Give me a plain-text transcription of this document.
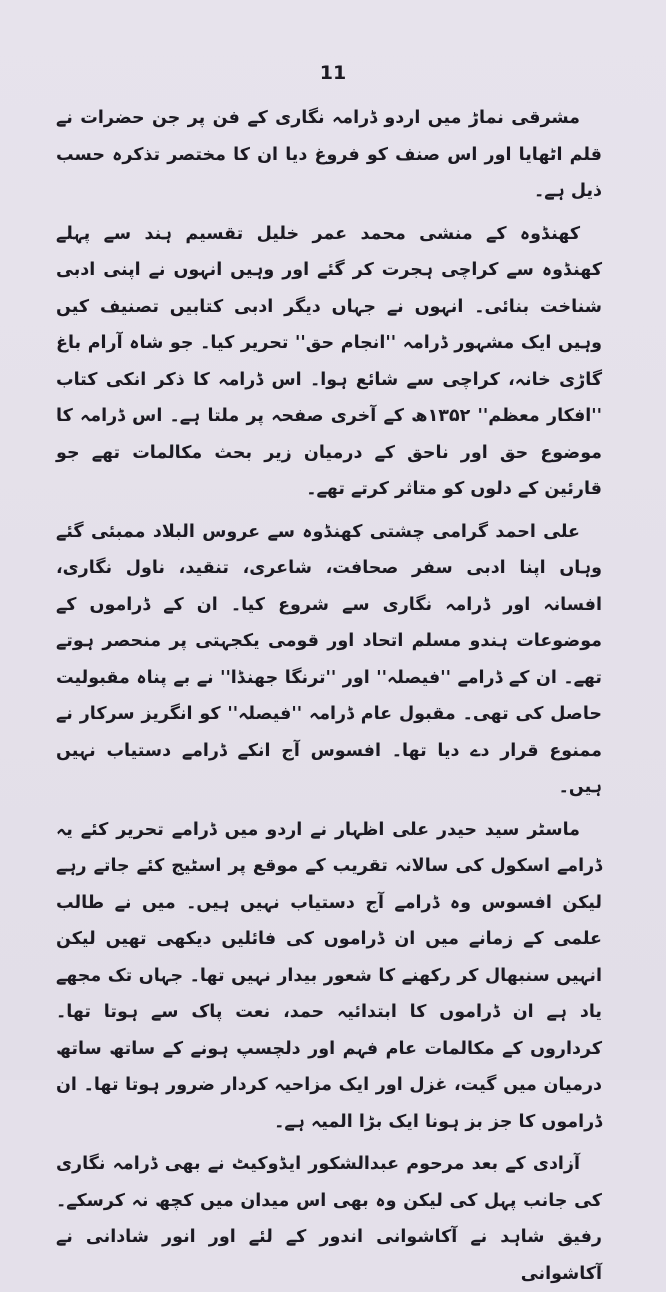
11

مشرقی نماڑ میں اردو ڈرامہ نگاری کے فن پر جن حضرات نے قلم اٹھایا اور اس صنف کو فروغ دیا ان کا مختصر تذکرہ حسب ذیل ہے۔

کھنڈوہ کے منشی محمد عمر خلیل تقسیم ہند سے پہلے کھنڈوہ سے کراچی ہجرت کر گئے اور وہیں انہوں نے اپنی ادبی شناخت بنائی۔ انہوں نے جہاں دیگر ادبی کتابیں تصنیف کیں وہیں ایک مشہور ڈرامہ ''انجام حق'' تحریر کیا۔ جو شاہ آرام باغ گاڑی خانہ، کراچی سے شائع ہوا۔ اس ڈرامہ کا ذکر انکی کتاب ''افکار معظم'' ۱۳۵۲ھ کے آخری صفحہ پر ملتا ہے۔ اس ڈرامہ کا موضوع حق اور ناحق کے درمیان زیر بحث مکالمات تھے جو قارئین کے دلوں کو متاثر کرتے تھے۔

علی احمد گرامی چشتی کھنڈوہ سے عروس البلاد ممبئی گئے وہاں اپنا ادبی سفر صحافت، شاعری، تنقید، ناول نگاری، افسانہ اور ڈرامہ نگاری سے شروع کیا۔ ان کے ڈراموں کے موضوعات ہندو مسلم اتحاد اور قومی یکجہتی پر منحصر ہوتے تھے۔ ان کے ڈرامے ''فیصلہ'' اور ''ترنگا جھنڈا'' نے بے پناہ مقبولیت حاصل کی تھی۔ مقبول عام ڈرامہ ''فیصلہ'' کو انگریز سرکار نے ممنوع قرار دے دیا تھا۔ افسوس آج انکے ڈرامے دستیاب نہیں ہیں۔

ماسٹر سید حیدر علی اظہار نے اردو میں ڈرامے تحریر کئے یہ ڈرامے اسکول کی سالانہ تقریب کے موقع پر اسٹیج کئے جاتے رہے لیکن افسوس وہ ڈرامے آج دستیاب نہیں ہیں۔ میں نے طالب علمی کے زمانے میں ان ڈراموں کی فائلیں دیکھی تھیں لیکن انہیں سنبھال کر رکھنے کا شعور بیدار نہیں تھا۔ جہاں تک مجھے یاد ہے ان ڈراموں کا ابتدائیہ حمد، نعت پاک سے ہوتا تھا۔ کرداروں کے مکالمات عام فہم اور دلچسپ ہونے کے ساتھ ساتھ درمیان میں گیت، غزل اور ایک مزاحیہ کردار ضرور ہوتا تھا۔ ان ڈراموں کا جز بز ہونا ایک بڑا المیہ ہے۔

آزادی کے بعد مرحوم عبدالشکور ایڈوکیٹ نے بھی ڈرامہ نگاری کی جانب پہل کی لیکن وہ بھی اس میدان میں کچھ نہ کرسکے۔ رفیق شاہد نے آکاشوانی اندور کے لئے اور انور شادانی نے آکاشوانی
